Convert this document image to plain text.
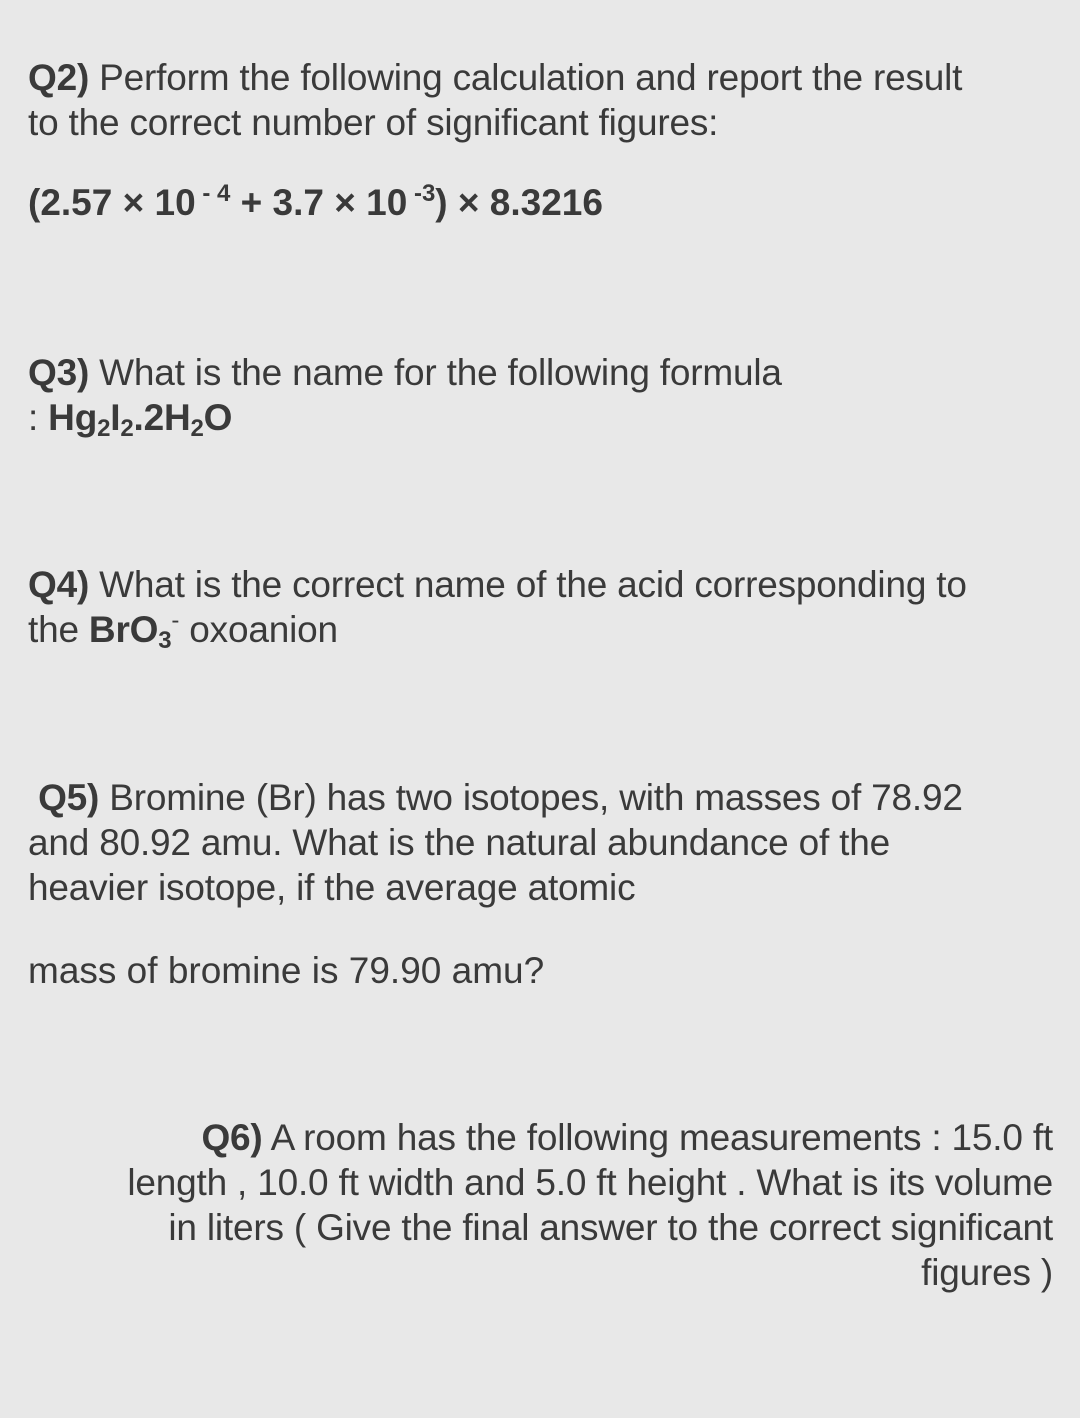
Q2) Perform the following calculation and report the result
to the correct number of significant figures:
(2.57 × 10 $^{- 4}$ + 3.7 × 10 $^{-3}$) × 8.3216
Q3) What is the name for the following formula
: $Hg_2I_2.2H_2O$
Q4) What is the correct name of the acid corresponding to
the BrO$_3$- oxoanion
Q5) Bromine (Br) has two isotopes, with masses of 78.92
and 80.92 amu. What is the natural abundance of the
heavier isotope, if the average atomic
mass of bromine is 79.90 amu?
Q6) A room has the following measurements : 15.0 ft
length , 10.0 ft width and 5.0 ft height . What is its volume
in liters ( Give the final answer to the correct significant
figures )
